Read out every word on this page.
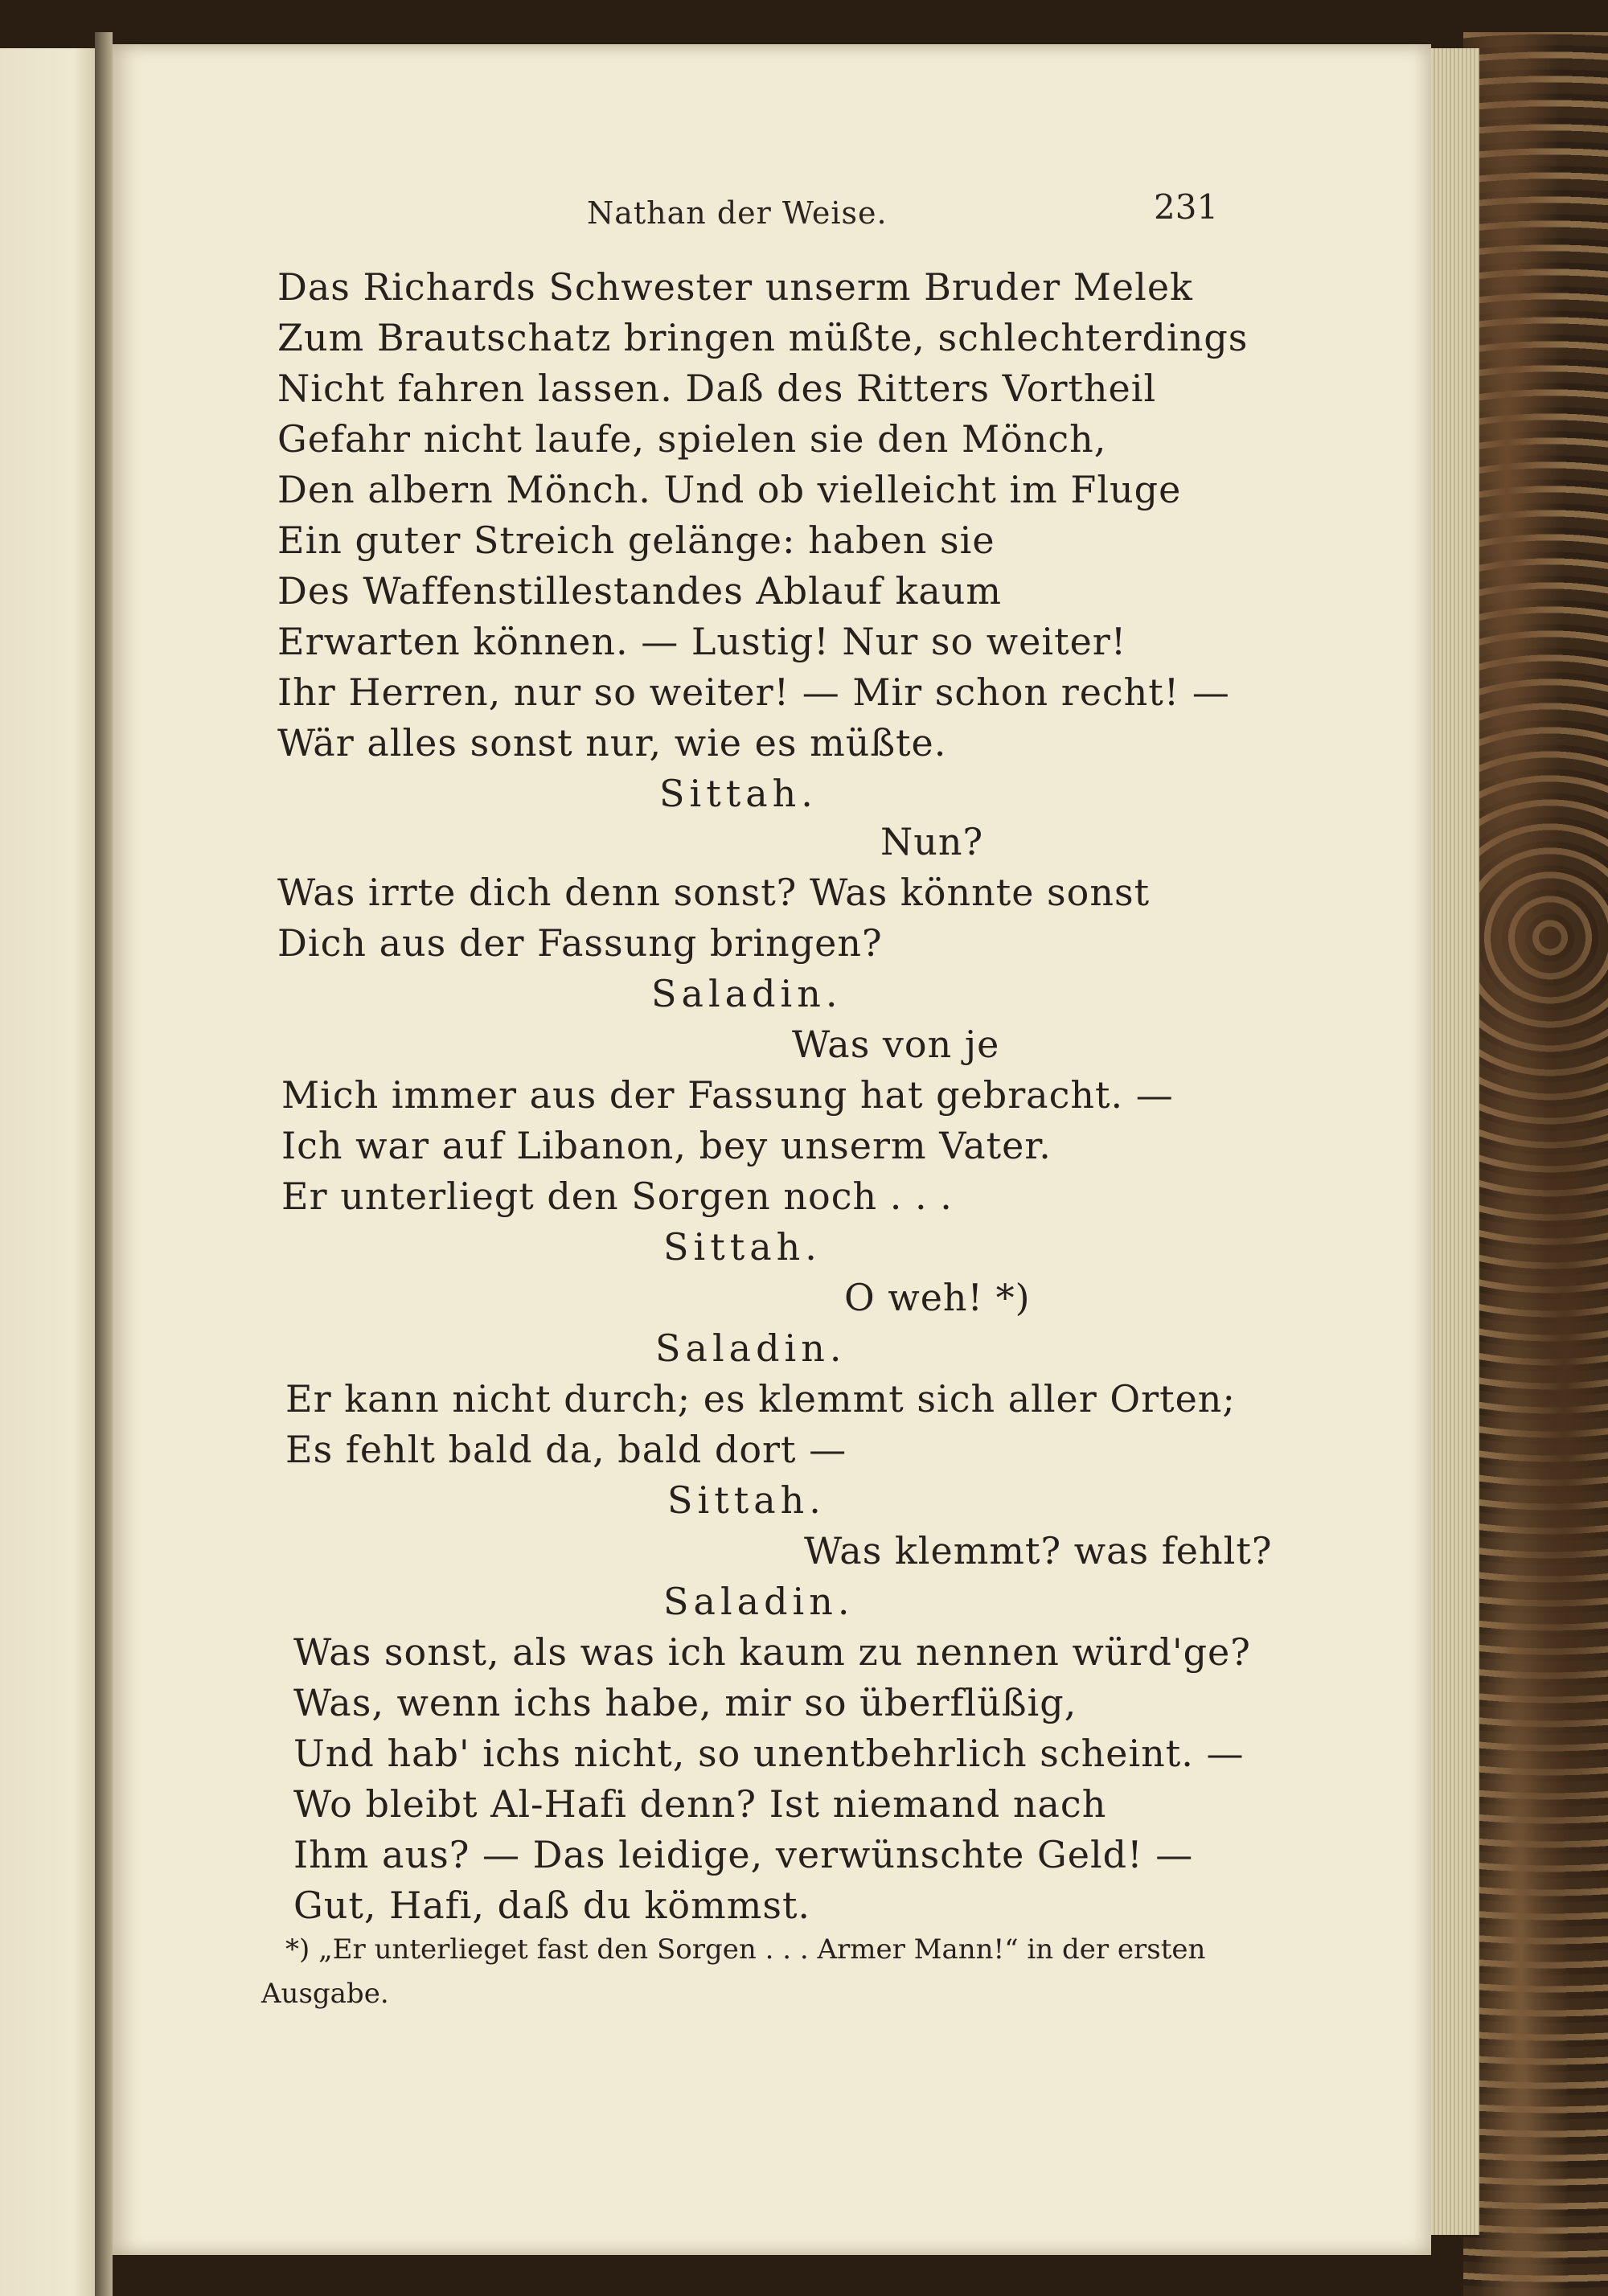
Nathan der Weise.	231
Das Richards Schwester unserm Bruder Melek
Zum Brautschatz bringen müßte, schlechterdings
Nicht fahren lassen. Daß des Ritters Vortheil
Gefahr nicht laufe, spielen sie den Mönch,
Den albern Mönch. Und ob vielleicht im Fluge
Ein guter Streich gelänge: haben sie
Des Waffenstillestandes Ablauf kaum
Erwarten können. — Lustig! Nur so weiter!
Ihr Herren, nur so weiter! — Mir schon recht! —
Wär alles sonst nur, wie es müßte.
Sittah.
Nun?
Was irrte dich denn sonst? Was könnte sonst
Dich aus der Fassung bringen?
Saladin.
Was von je
Mich immer aus der Fassung hat gebracht. —
Ich war auf Libanon, bey unserm Vater.
Er unterliegt den Sorgen noch . . .
Sittah.
O weh! *)
Saladin.
Er kann nicht durch; es klemmt sich aller Orten;
Es fehlt bald da, bald dort —
Sittah.
Was klemmt? was fehlt?
Saladin.
Was sonst, als was ich kaum zu nennen würd'ge?
Was, wenn ichs habe, mir so überflüßig,
Und hab' ichs nicht, so unentbehrlich scheint. —
Wo bleibt Al-Hafi denn? Ist niemand nach
Ihm aus? — Das leidige, verwünschte Geld! —
Gut, Hafi, daß du kömmst.
*) „Er unterlieget fast den Sorgen . . . Armer Mann!“ in der ersten
Ausgabe.
